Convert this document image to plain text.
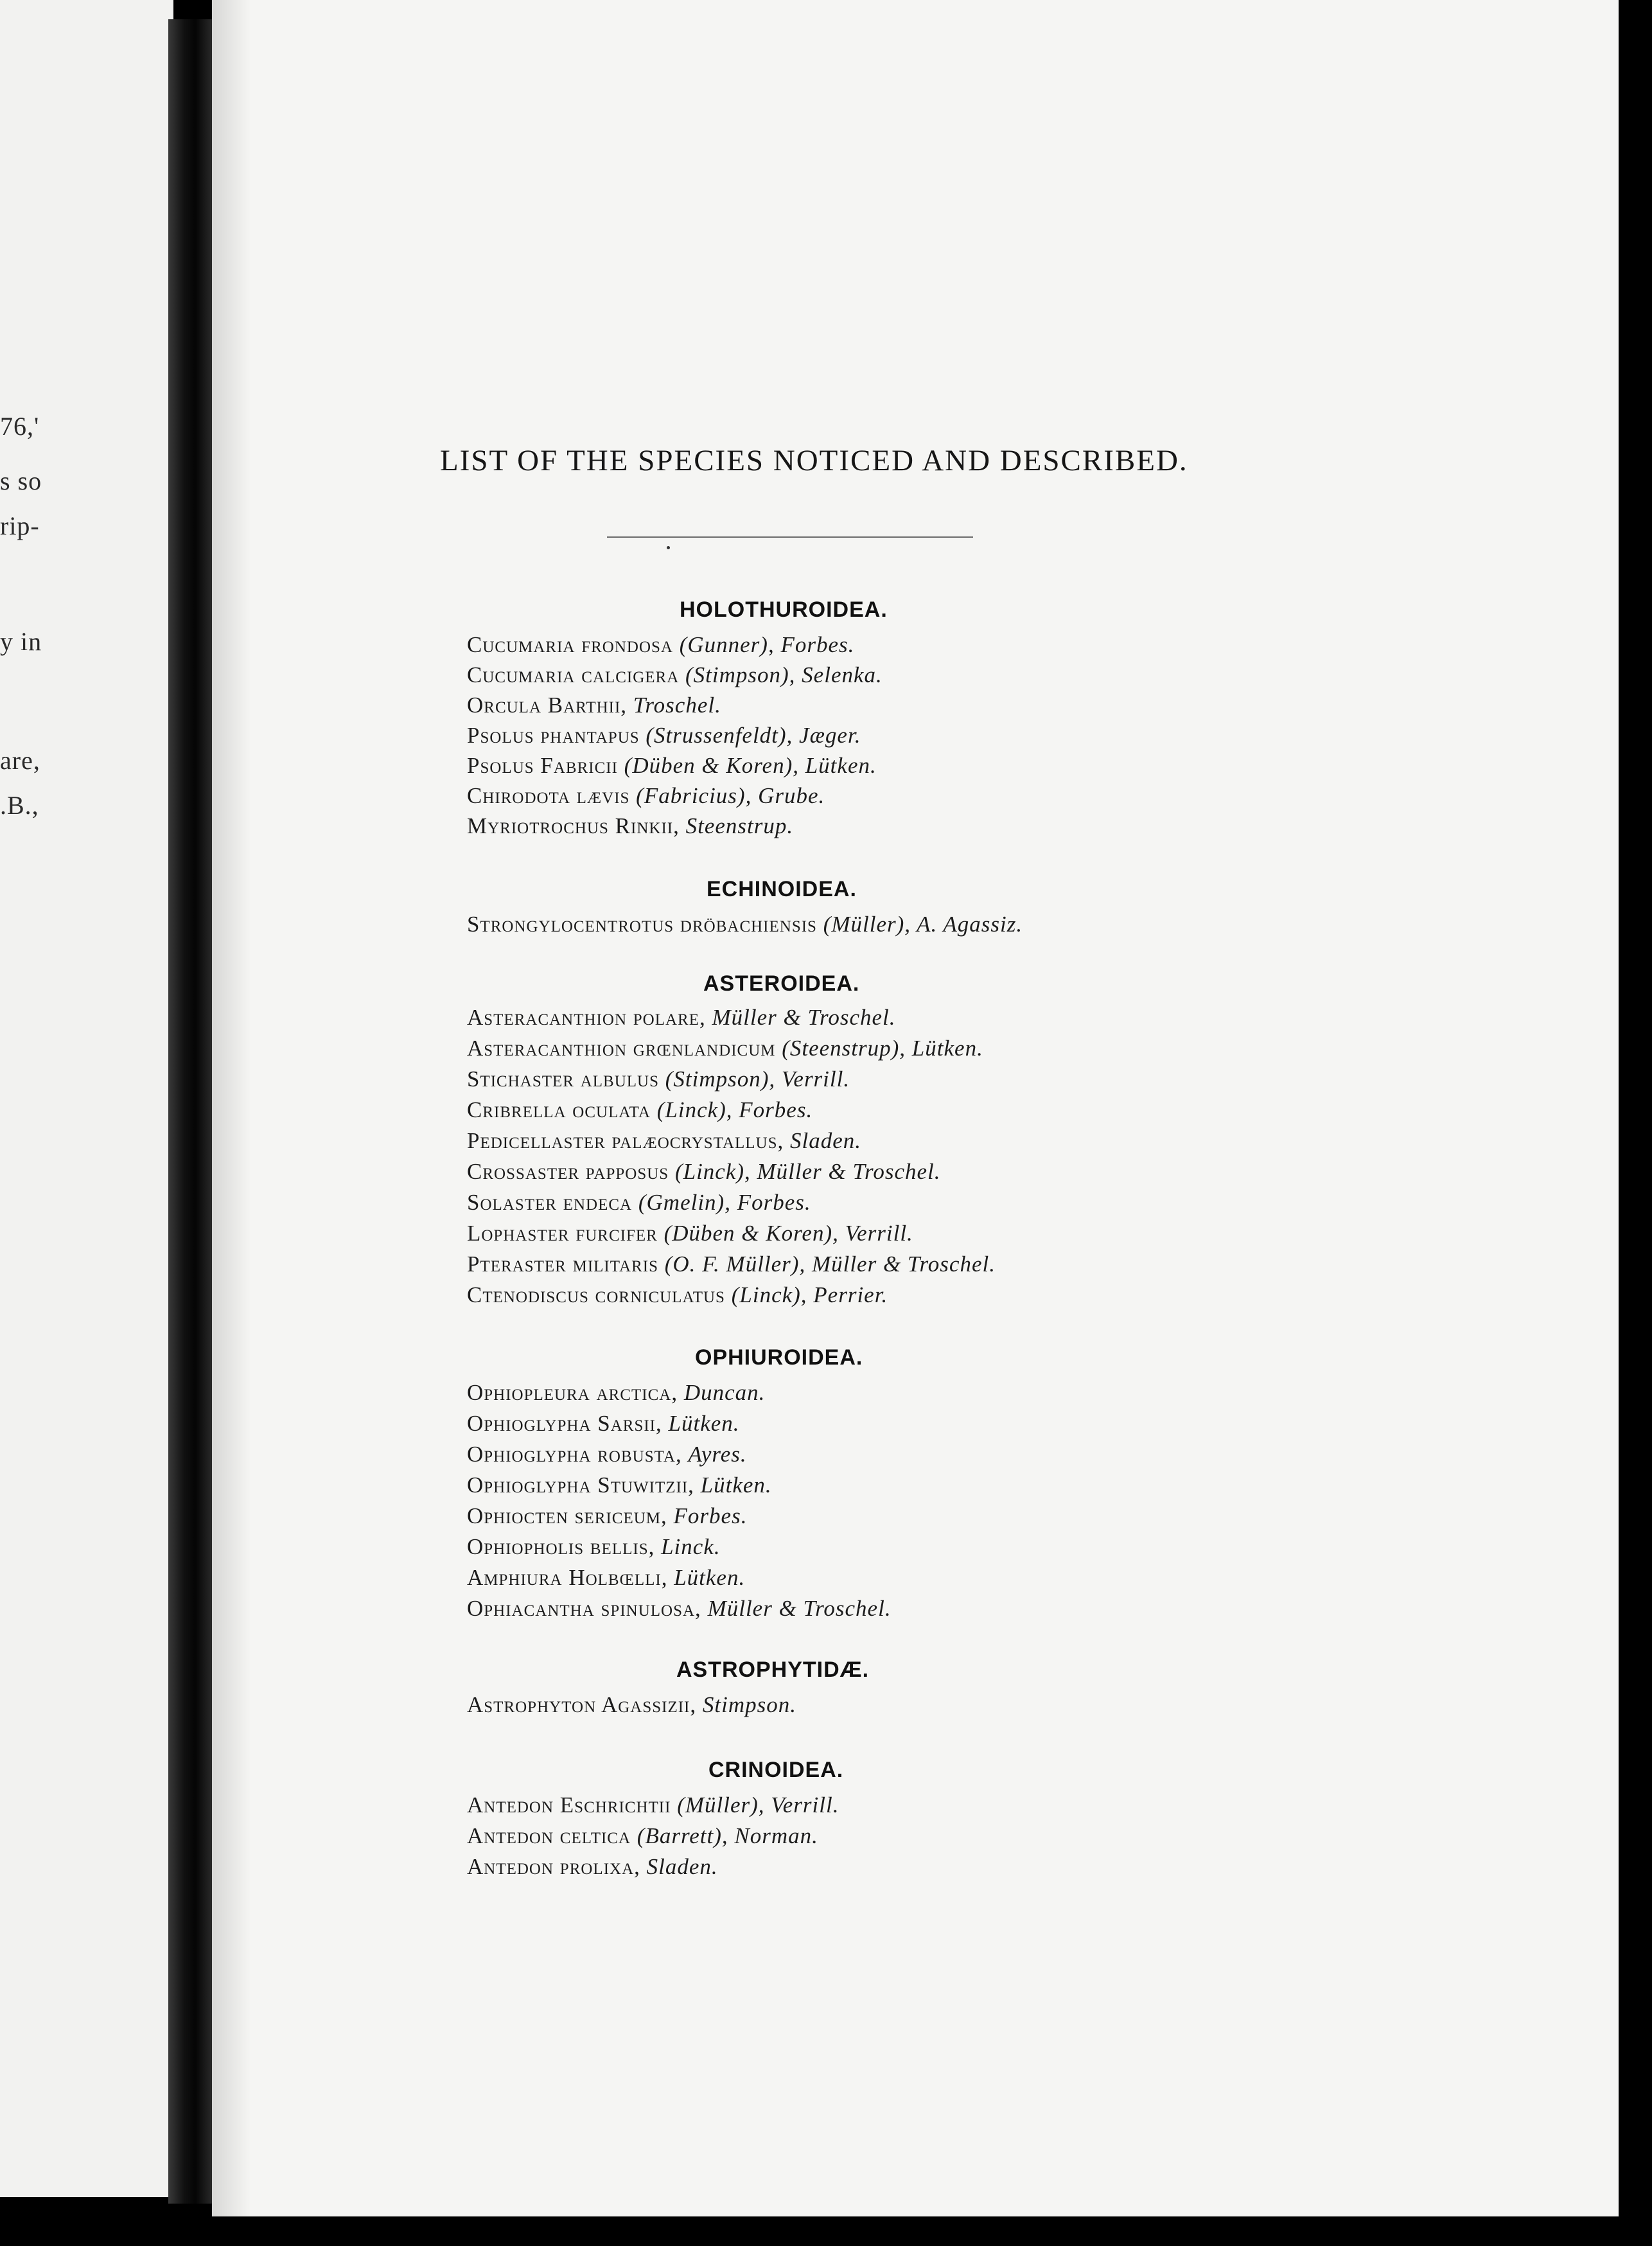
76,'
s so
rip-
y in
are,
.B.,
LIST OF THE SPECIES NOTICED AND DESCRIBED.
HOLOTHUROIDEA.
Cucumaria frondosa (Gunner), Forbes.
Cucumaria calcigera (Stimpson), Selenka.
Orcula Barthii, Troschel.
Psolus phantapus (Strussenfeldt), Jæger.
Psolus Fabricii (Düben & Koren), Lütken.
Chirodota lævis (Fabricius), Grube.
Myriotrochus Rinkii, Steenstrup.
ECHINOIDEA.
Strongylocentrotus dröbachiensis (Müller), A. Agassiz.
ASTEROIDEA.
Asteracanthion polare, Müller & Troschel.
Asteracanthion grœnlandicum (Steenstrup), Lütken.
Stichaster albulus (Stimpson), Verrill.
Cribrella oculata (Linck), Forbes.
Pedicellaster palæocrystallus, Sladen.
Crossaster papposus (Linck), Müller & Troschel.
Solaster endeca (Gmelin), Forbes.
Lophaster furcifer (Düben & Koren), Verrill.
Pteraster militaris (O. F. Müller), Müller & Troschel.
Ctenodiscus corniculatus (Linck), Perrier.
OPHIUROIDEA.
Ophiopleura arctica, Duncan.
Ophioglypha Sarsii, Lütken.
Ophioglypha robusta, Ayres.
Ophioglypha Stuwitzii, Lütken.
Ophiocten sericeum, Forbes.
Ophiopholis bellis, Linck.
Amphiura Holbœlli, Lütken.
Ophiacantha spinulosa, Müller & Troschel.
ASTROPHYTIDÆ.
Astrophyton Agassizii, Stimpson.
CRINOIDEA.
Antedon Eschrichtii (Müller), Verrill.
Antedon celtica (Barrett), Norman.
Antedon prolixa, Sladen.
